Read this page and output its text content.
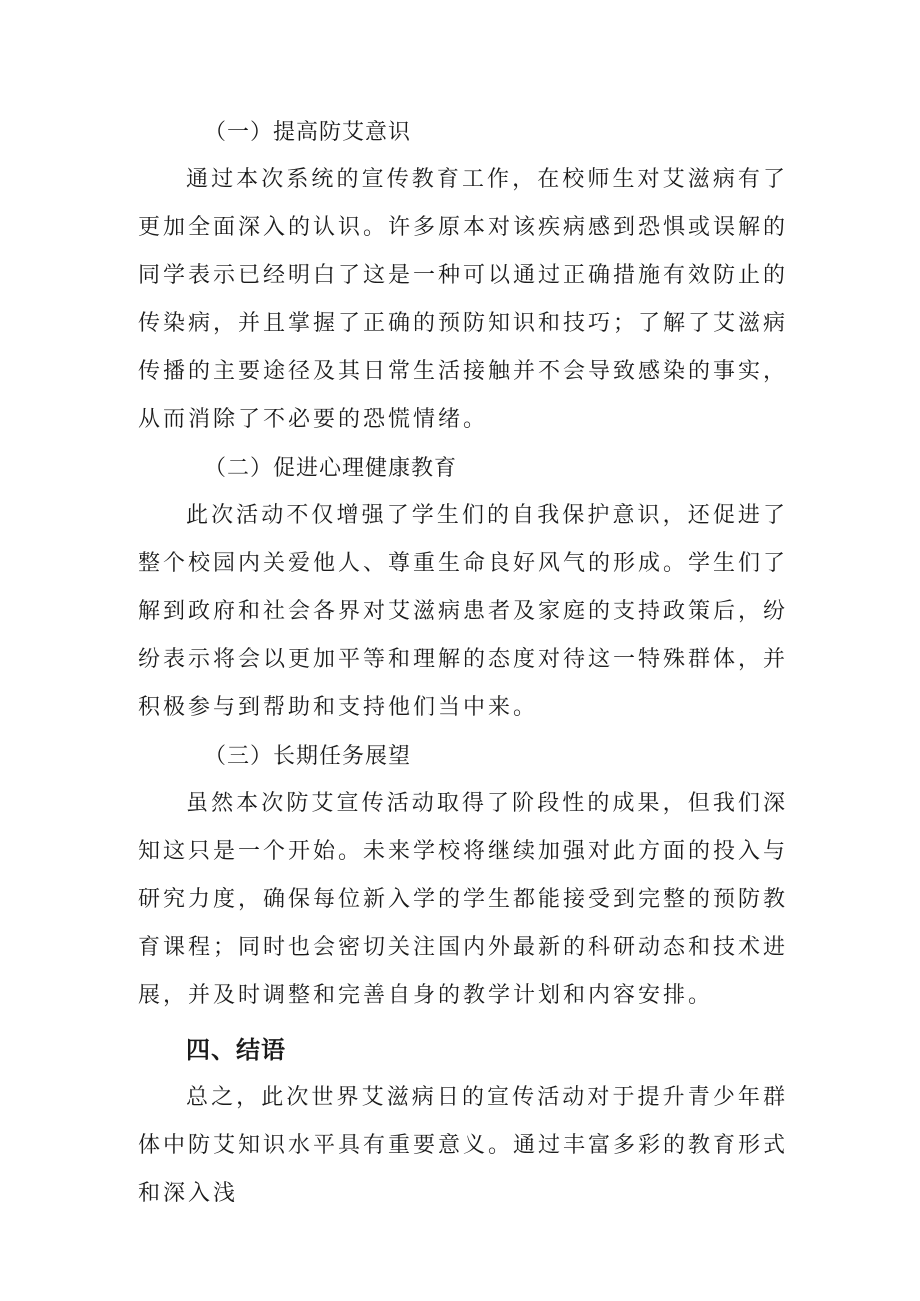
（一）提高防艾意识

通过本次系统的宣传教育工作，在校师生对艾滋病有了更加全面深入的认识。许多原本对该疾病感到恐惧或误解的同学表示已经明白了这是一种可以通过正确措施有效防止的传染病，并且掌握了正确的预防知识和技巧；了解了艾滋病传播的主要途径及其日常生活接触并不会导致感染的事实，从而消除了不必要的恐慌情绪。

（二）促进心理健康教育

此次活动不仅增强了学生们的自我保护意识，还促进了整个校园内关爱他人、尊重生命良好风气的形成。学生们了解到政府和社会各界对艾滋病患者及家庭的支持政策后，纷纷表示将会以更加平等和理解的态度对待这一特殊群体，并积极参与到帮助和支持他们当中来。

（三）长期任务展望

虽然本次防艾宣传活动取得了阶段性的成果，但我们深知这只是一个开始。未来学校将继续加强对此方面的投入与研究力度，确保每位新入学的学生都能接受到完整的预防教育课程；同时也会密切关注国内外最新的科研动态和技术进展，并及时调整和完善自身的教学计划和内容安排。

四、结语

总之，此次世界艾滋病日的宣传活动对于提升青少年群体中防艾知识水平具有重要意义。通过丰富多彩的教育形式和深入浅
